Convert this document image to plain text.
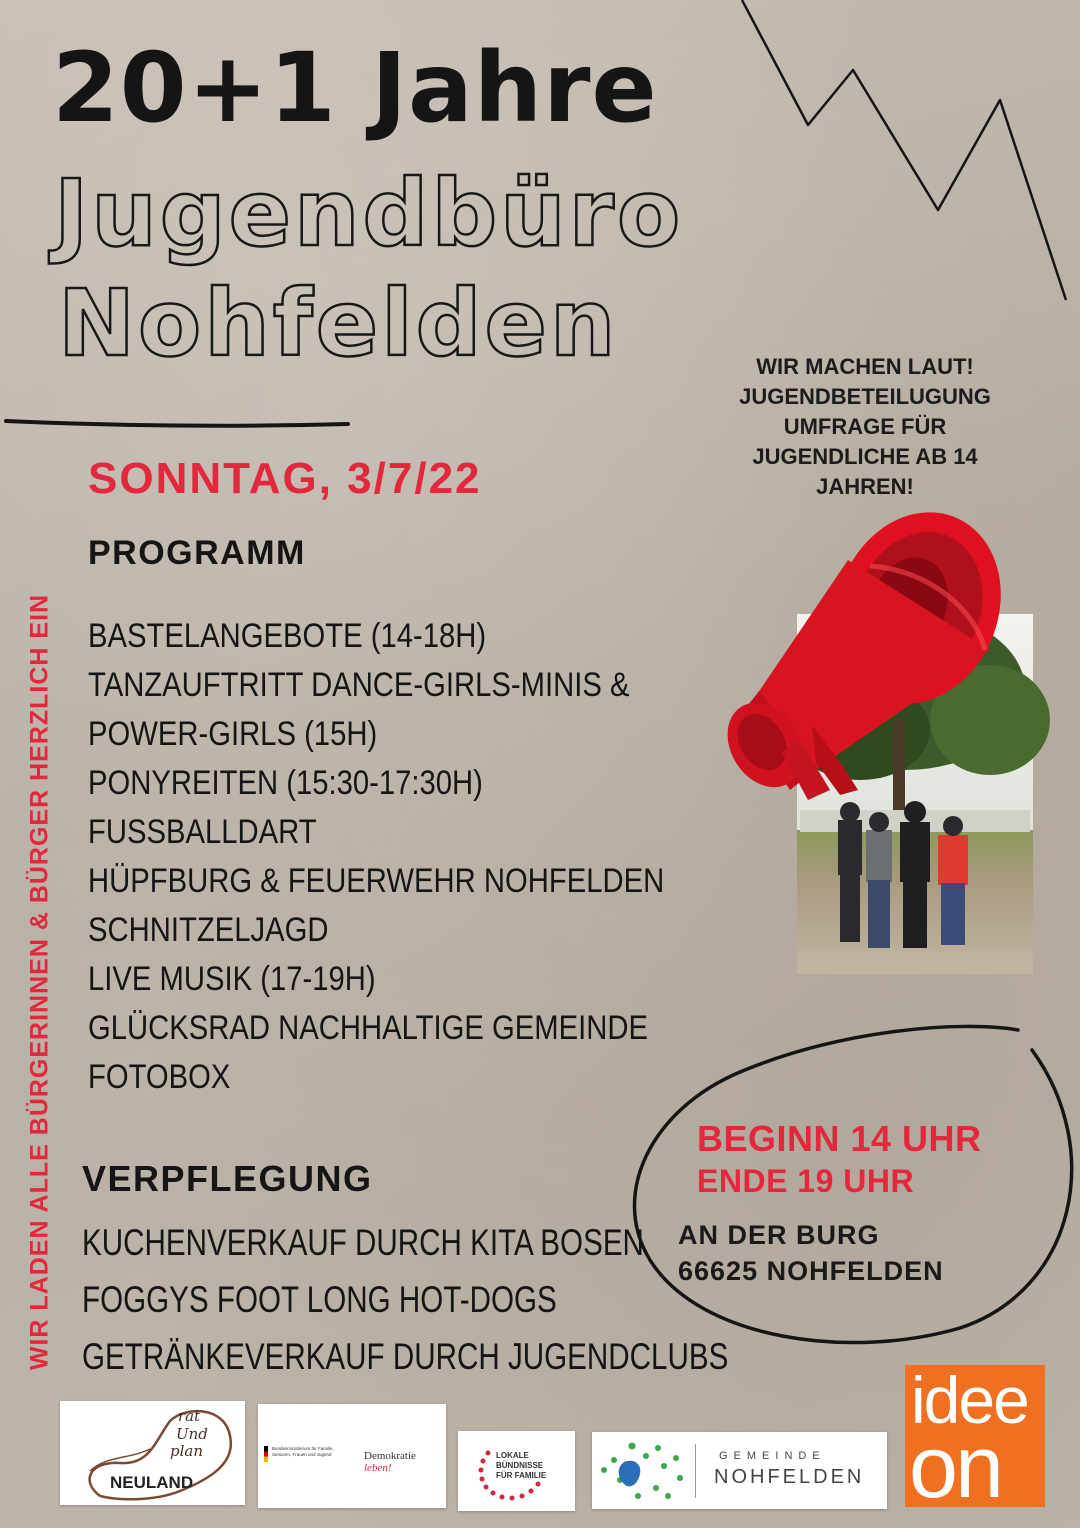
20+1 Jahre
Jugendbüro
Nohfelden	WIR MACHEN LAUT!
JUGENDBETEILUGUNG
UMFRAGE FÜR
JUGENDLICHE AB 14
JAHREN!
SONNTAG, 3/7/22
PROGRAMM
BASTELANGEBOTE (14-18H)
TANZAUFTRITT DANCE-GIRLS-MINIS &
POWER-GIRLS (15H)
PONYREITEN (15:30-17:30H)
FUSSBALLDART
HÜPFBURG & FEUERWEHR NOHFELDEN
SCHNITZELJAGD
LIVE MUSIK (17-19H)
GLÜCKSRAD NACHHALTIGE GEMEINDE
FOTOBOX
VERPFLEGUNG
KUCHENVERKAUF DURCH KITA BOSEN
FOGGYS FOOT LONG HOT-DOGS
GETRÄNKEVERKAUF DURCH JUGENDCLUBS
BEGINN 14 UHR
ENDE 19 UHR
AN DER BURG
66625 NOHFELDEN
WIR LADEN ALLE BÜRGERINNEN & BÜRGER HERZLICH EIN
rat
Und
plan
NEULAND
Bundesministerium für Familie, Senioren, Frauen und Jugend	Demokratie leben!
LOKALE
BÜNDNISSE
FÜR FAMILIE
GEMEINDE
NOHFELDEN
idee
on
